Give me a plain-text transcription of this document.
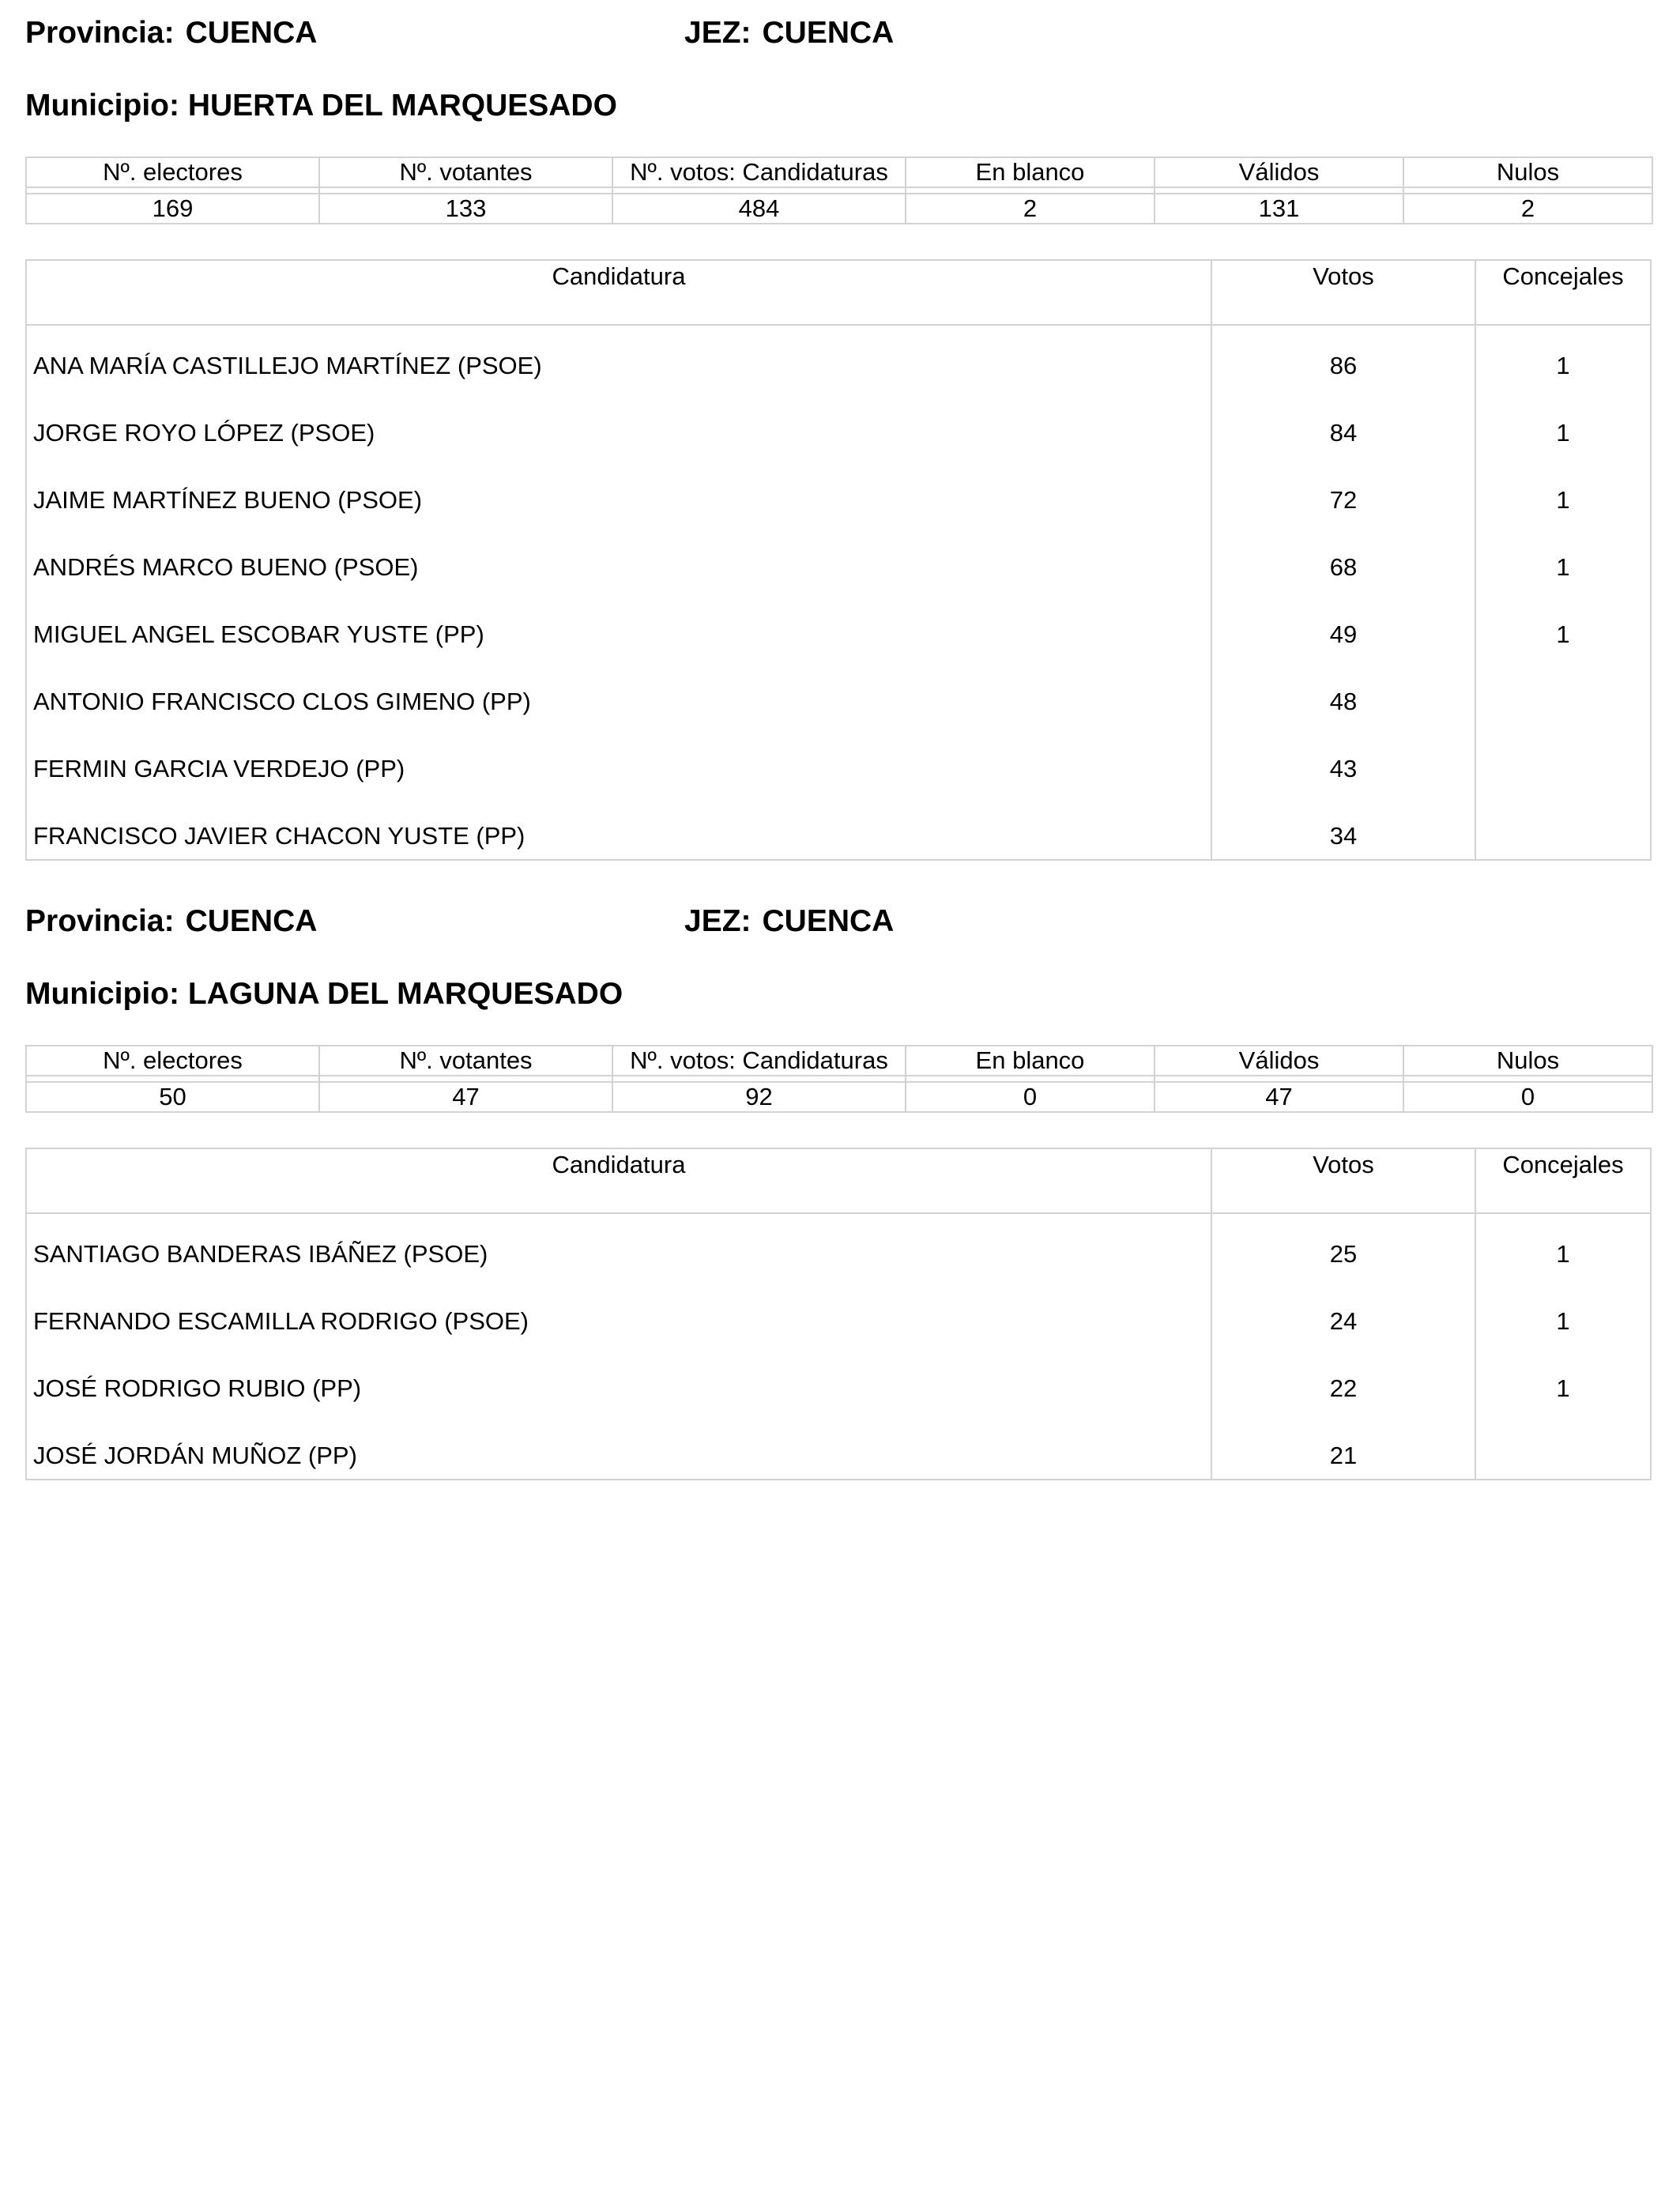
Provincia: CUENCA	JEZ: CUENCA
Municipio: HUERTA DEL MARQUESADO
Nº. electores	Nº. votantes	Nº. votos: Candidaturas	En blanco	Válidos	Nulos

169	133	484	2	131	2
Candidatura	Votos	Concejales
ANA MARÍA CASTILLEJO MARTÍNEZ (PSOE)	86	1
JORGE ROYO LÓPEZ (PSOE)	84	1
JAIME MARTÍNEZ BUENO (PSOE)	72	1
ANDRÉS MARCO BUENO (PSOE)	68	1
MIGUEL ANGEL ESCOBAR YUSTE (PP)	49	1
ANTONIO FRANCISCO CLOS GIMENO (PP)	48
FERMIN GARCIA VERDEJO (PP)	43
FRANCISCO JAVIER CHACON YUSTE (PP)	34
Provincia: CUENCA	JEZ: CUENCA
Municipio: LAGUNA DEL MARQUESADO
Nº. electores	Nº. votantes	Nº. votos: Candidaturas	En blanco	Válidos	Nulos

50	47	92	0	47	0
Candidatura	Votos	Concejales
SANTIAGO BANDERAS IBÁÑEZ (PSOE)	25	1
FERNANDO ESCAMILLA RODRIGO (PSOE)	24	1
JOSÉ RODRIGO RUBIO (PP)	22	1
JOSÉ JORDÁN MUÑOZ (PP)	21
